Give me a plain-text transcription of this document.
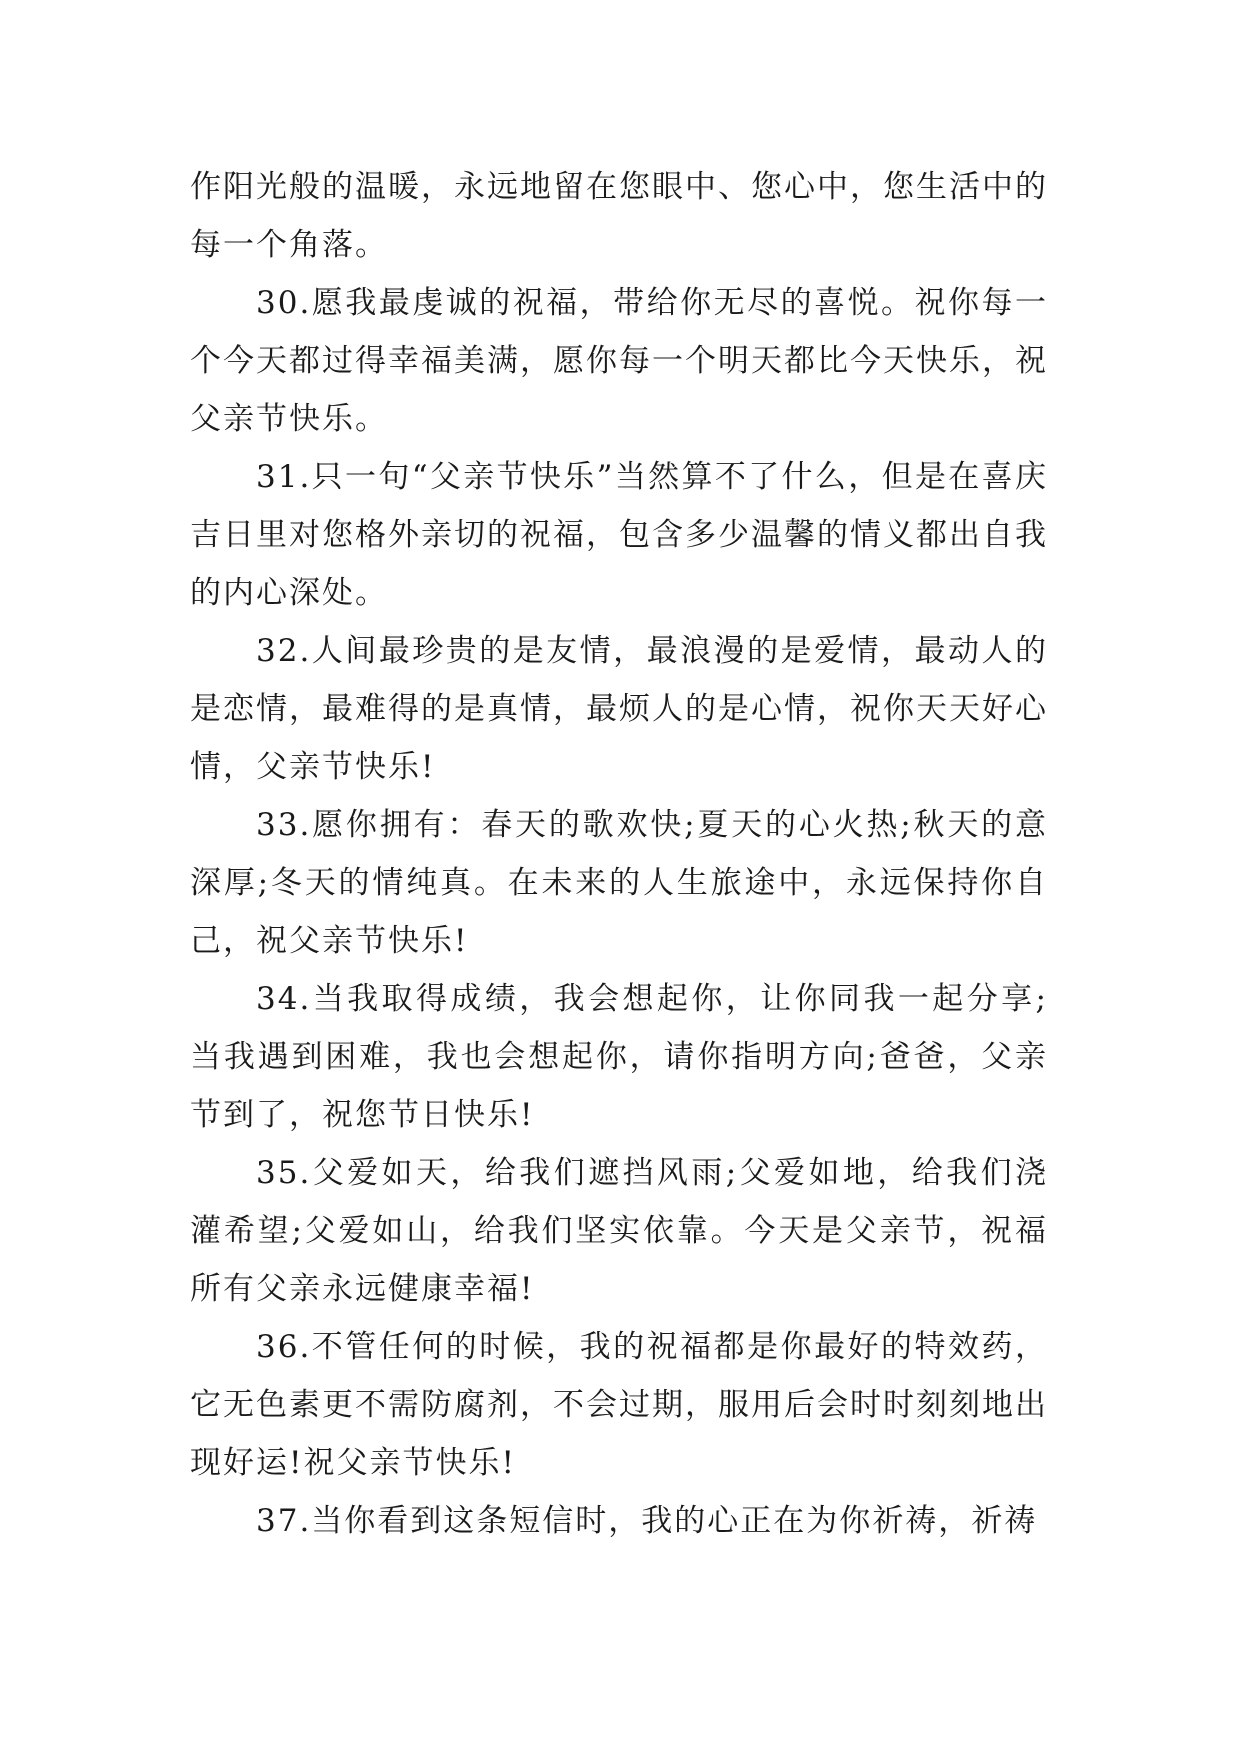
作阳光般的温暖，永远地留在您眼中、您心中，您生活中的每一个角落。

30.愿我最虔诚的祝福，带给你无尽的喜悦。祝你每一个今天都过得幸福美满，愿你每一个明天都比今天快乐，祝父亲节快乐。

31.只一句“父亲节快乐”当然算不了什么，但是在喜庆吉日里对您格外亲切的祝福，包含多少温馨的情义都出自我的内心深处。

32.人间最珍贵的是友情，最浪漫的是爱情，最动人的是恋情，最难得的是真情，最烦人的是心情，祝你天天好心情，父亲节快乐!

33.愿你拥有：春天的歌欢快;夏天的心火热;秋天的意深厚;冬天的情纯真。在未来的人生旅途中，永远保持你自己，祝父亲节快乐!

34.当我取得成绩，我会想起你，让你同我一起分享;当我遇到困难，我也会想起你，请你指明方向;爸爸，父亲节到了，祝您节日快乐!

35.父爱如天，给我们遮挡风雨;父爱如地，给我们浇灌希望;父爱如山，给我们坚实依靠。今天是父亲节，祝福所有父亲永远健康幸福!

36.不管任何的时候，我的祝福都是你最好的特效药，它无色素更不需防腐剂，不会过期，服用后会时时刻刻地出现好运!祝父亲节快乐!

37.当你看到这条短信时，我的心正在为你祈祷，祈祷
